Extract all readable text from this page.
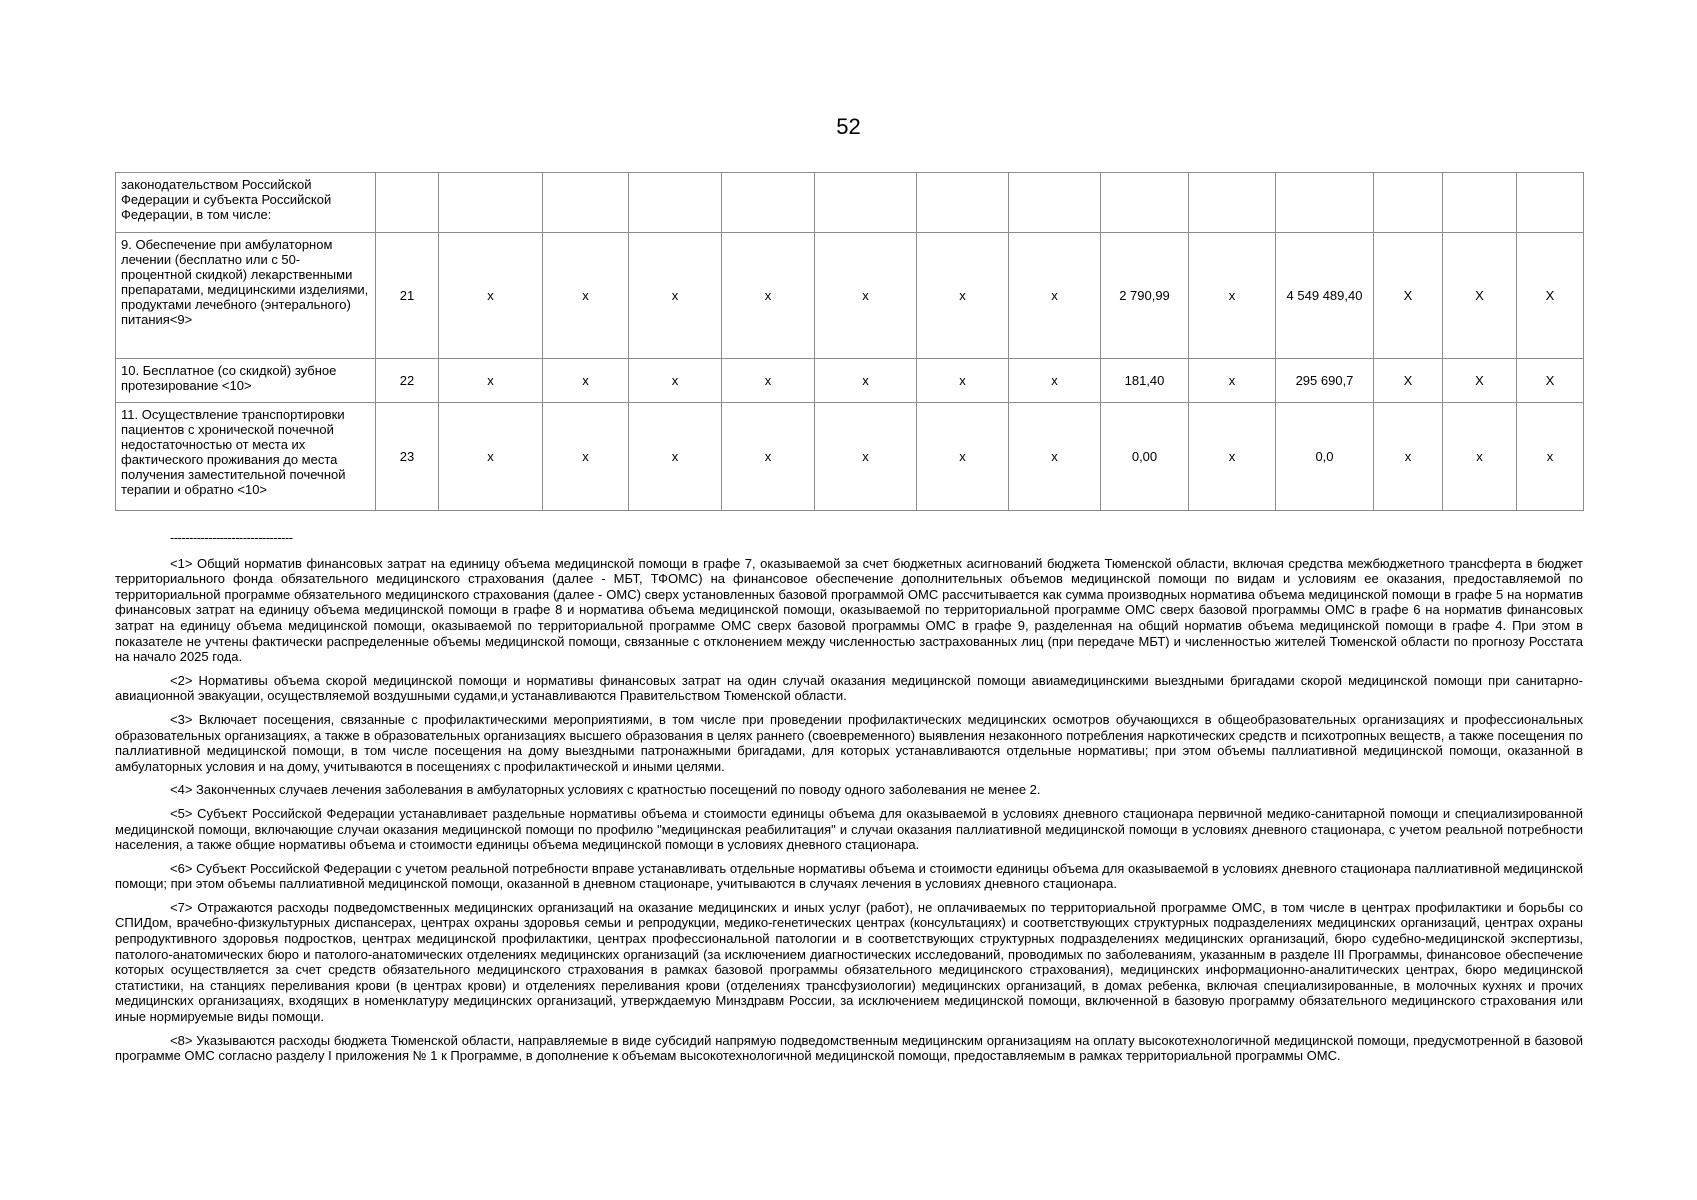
52
законодательством Российской Федерации и субъекта Российской Федерации, в том числе:														
9. Обеспечение при амбулаторном лечении (бесплатно или с 50-процентной скидкой) лекарственными препаратами, медицинскими изделиями, продуктами лечебного (энтерального) питания<9>	21	x	x	x	x	x	x	x	2 790,99	x	4 549 489,40	X	X	X
10. Бесплатное (со скидкой) зубное протезирование <10>	22	x	x	x	x	x	x	x	181,40	x	295 690,7	X	X	X
11. Осуществление транспортировки пациентов с хронической почечной недостаточностью от места их фактического проживания до места получения заместительной почечной терапии и обратно <10>	23	x	x	x	x	x	x	x	0,00	x	0,0	x	x	x
--------------------------------

<1> Общий норматив финансовых затрат на единицу объема медицинской помощи в графе 7, оказываемой за счет бюджетных асигнований бюджета Тюменской области, включая средства межбюджетного трансферта в бюджет территориального фонда обязательного медицинского страхования (далее - МБТ, ТФОМС) на финансовое обеспечение дополнительных объемов медицинской помощи по видам и условиям ее оказания, предоставляемой по территориальной программе обязательного медицинского страхования (далее - ОМС) сверх установленных базовой программой ОМС рассчитывается как сумма производных норматива объема медицинской помощи в графе 5 на норматив финансовых затрат на единицу объема медицинской помощи в графе 8 и норматива объема медицинской помощи, оказываемой по территориальной программе ОМС сверх базовой программы ОМС в графе 6 на норматив финансовых затрат на единицу объема медицинской помощи, оказываемой по территориальной программе ОМС сверх базовой программы ОМС в графе 9, разделенная на общий норматив объема медицинской помощи в графе 4. При этом в показателе не учтены фактически распределенные объемы медицинской помощи, связанные с отклонением между численностью застрахованных лиц (при передаче МБТ) и численностью жителей Тюменской области по прогнозу Росстата на начало 2025 года.

<2> Нормативы объема скорой медицинской помощи и нормативы финансовых затрат на один случай оказания медицинской помощи авиамедицинскими выездными бригадами скорой медицинской помощи при санитарно-авиационной эвакуации, осуществляемой воздушными судами,и устанавливаются Правительством Тюменской области.

<3> Включает посещения, связанные с профилактическими мероприятиями, в том числе при проведении профилактических медицинских осмотров обучающихся в общеобразовательных организациях и профессиональных образовательных организациях, а также в образовательных организациях высшего образования в целях раннего (своевременного) выявления незаконного потребления наркотических средств и психотропных веществ, а также посещения по паллиативной медицинской помощи, в том числе посещения на дому выездными патронажными бригадами, для которых устанавливаются отдельные нормативы; при этом объемы паллиативной медицинской помощи, оказанной в амбулаторных условия и на дому, учитываются в посещениях с профилактической и иными целями.

<4> Законченных случаев лечения заболевания в амбулаторных условиях с кратностью посещений по поводу одного заболевания не менее 2.

<5> Субъект Российской Федерации устанавливает раздельные нормативы объема и стоимости единицы объема для оказываемой в условиях дневного стационара первичной медико-санитарной помощи и специализированной медицинской помощи, включающие случаи оказания медицинской помощи по профилю "медицинская реабилитация" и случаи оказания паллиативной медицинской помощи в условиях дневного стационара, с учетом реальной потребности населения, а также общие нормативы объема и стоимости единицы объема медицинской помощи в условиях дневного стационара.

<6> Субъект Российской Федерации с учетом реальной потребности вправе устанавливать отдельные нормативы объема и стоимости единицы объема для оказываемой в условиях дневного стационара паллиативной медицинской помощи; при этом объемы паллиативной медицинской помощи, оказанной в дневном стационаре, учитываются в случаях лечения в условиях дневного стационара.

<7> Отражаются расходы подведомственных медицинских организаций на оказание медицинских и иных услуг (работ), не оплачиваемых по территориальной программе ОМС, в том числе в центрах профилактики и борьбы со СПИДом, врачебно-физкультурных диспансерах, центрах охраны здоровья семьи и репродукции, медико-генетических центрах (консультациях) и соответствующих структурных подразделениях медицинских организаций, центрах охраны репродуктивного здоровья подростков, центрах медицинской профилактики, центрах профессиональной патологии и в соответствующих структурных подразделениях медицинских организаций, бюро судебно-медицинской экспертизы, патолого-анатомических бюро и патолого-анатомических отделениях медицинских организаций (за исключением диагностических исследований, проводимых по заболеваниям, указанным в разделе III Программы, финансовое обеспечение которых осуществляется за счет средств обязательного медицинского страхования в рамках базовой программы обязательного медицинского страхования), медицинских информационно-аналитических центрах, бюро медицинской статистики, на станциях переливания крови (в центрах крови) и отделениях переливания крови (отделениях трансфузиологии) медицинских организаций, в домах ребенка, включая специализированные, в молочных кухнях и прочих медицинских организациях, входящих в номенклатуру медицинских организаций, утверждаемую Минздравм России, за исключением медицинской помощи, включенной в базовую программу обязательного медицинского страхования или иные нормируемые виды помощи.

<8> Указываются расходы бюджета Тюменской области, направляемые в виде субсидий напрямую подведомственным медицинским организациям на оплату высокотехнологичной медицинской помощи, предусмотренной в базовой программе ОМС согласно разделу I приложения № 1 к Программе, в дополнение к объемам высокотехнологичной медицинской помощи, предоставляемым в рамках территориальной программы ОМС.
